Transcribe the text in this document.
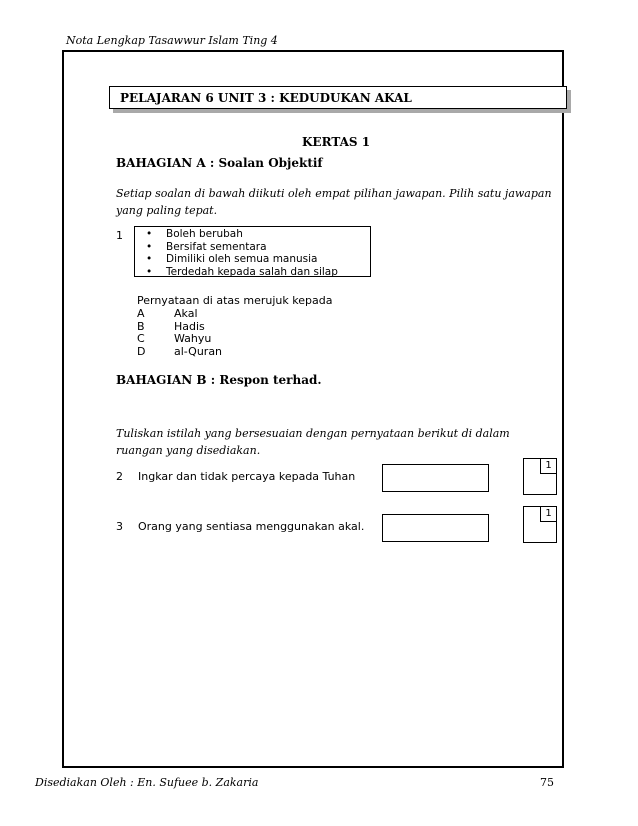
Nota Lengkap Tasawwur Islam Ting 4
PELAJARAN 6 UNIT 3 : KEDUDUKAN AKAL
KERTAS 1
BAHAGIAN A : Soalan Objektif
Setiap soalan di bawah diikuti oleh empat pilihan jawapan. Pilih satu jawapan yang paling tepat.
1 •	Boleh berubah
•	Bersifat sementara
•	Dimiliki oleh semua manusia
•	Terdedah kepada salah dan silap
Pernyataan di atas merujuk kepada
A	Akal
B	Hadis
C	Wahyu
D	al-Quran
BAHAGIAN B : Respon terhad.
Tuliskan istilah yang bersesuaian dengan pernyataan berikut di dalam ruangan yang disediakan.
2 Ingkar dan tidak percaya kepada Tuhan
1
3 Orang yang sentiasa menggunakan akal.
1
Disediakan Oleh : En. Sufuee b. Zakaria	75
